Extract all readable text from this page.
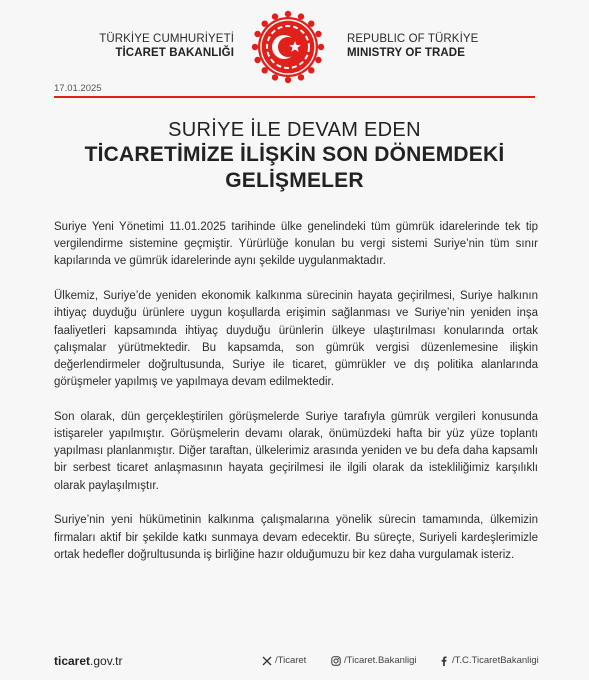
TÜRKİYE CUMHURİYETİ
TİCARET BAKANLIĞI
REPUBLIC OF TÜRKİYE
MINISTRY OF TRADE
17.01.2025
SURİYE İLE DEVAM EDEN
TİCARETİMİZE İLİŞKİN SON DÖNEMDEKİ
GELİŞMELER

Suriye Yeni Yönetimi 11.01.2025 tarihinde ülke genelindeki tüm gümrük idarelerinde tek tip vergilendirme sistemine geçmiştir. Yürürlüğe konulan bu vergi sistemi Suriye’nin tüm sınır kapılarında ve gümrük idarelerinde aynı şekilde uygulanmaktadır.

Ülkemiz, Suriye’de yeniden ekonomik kalkınma sürecinin hayata geçirilmesi, Suriye halkının ihtiyaç duyduğu ürünlere uygun koşullarda erişimin sağlanması ve Suriye’nin yeniden inşa faaliyetleri kapsamında ihtiyaç duyduğu ürünlerin ülkeye ulaştırılması konularında ortak çalışmalar yürütmektedir. Bu kapsamda, son gümrük vergisi düzenlemesine ilişkin değerlendirmeler doğrultusunda, Suriye ile ticaret, gümrükler ve dış politika alanlarında görüşmeler yapılmış ve yapılmaya devam edilmektedir.

Son olarak, dün gerçekleştirilen görüşmelerde Suriye tarafıyla gümrük vergileri konusunda istişareler yapılmıştır. Görüşmelerin devamı olarak, önümüzdeki hafta bir yüz yüze toplantı yapılması planlanmıştır. Diğer taraftan, ülkelerimiz arasında yeniden ve bu defa daha kapsamlı bir serbest ticaret anlaşmasının hayata geçirilmesi ile ilgili olarak da istekliliğimiz karşılıklı olarak paylaşılmıştır.

Suriye’nin yeni hükümetinin kalkınma çalışmalarına yönelik sürecin tamamında, ülkemizin firmaları aktif bir şekilde katkı sunmaya devam edecektir. Bu süreçte, Suriyeli kardeşlerimizle ortak hedefler doğrultusunda iş birliğine hazır olduğumuzu bir kez daha vurgulamak isteriz.

ticaret.gov.tr	/Ticaret	/Ticaret.Bakanligi	/T.C.TicaretBakanligi
